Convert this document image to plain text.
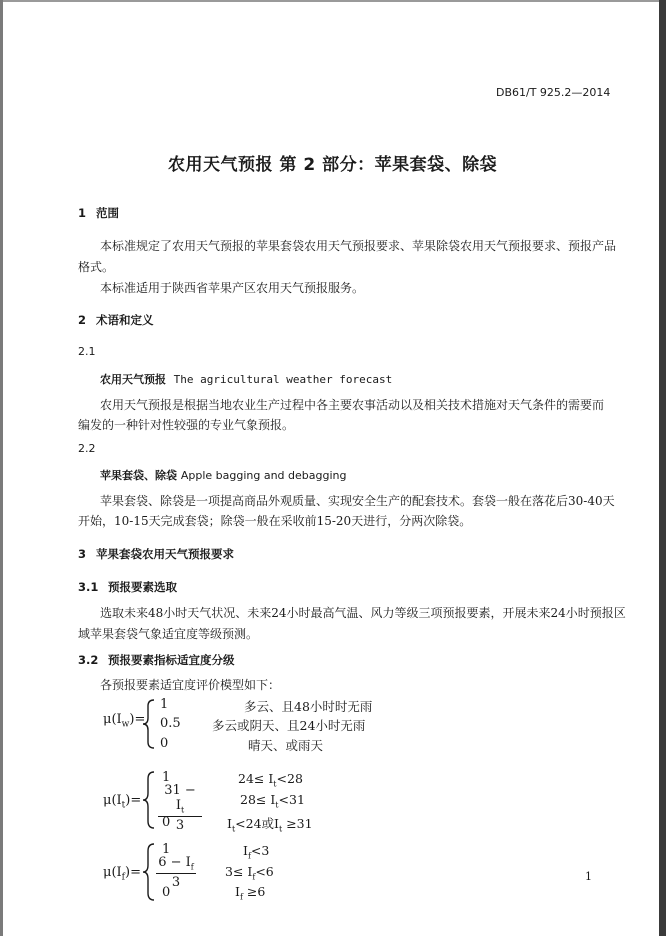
DB61/T 925.2—2014
农用天气预报 第 2 部分：苹果套袋、除袋
1 范围
本标准规定了农用天气预报的苹果套袋农用天气预报要求、苹果除袋农用天气预报要求、预报产品
格式。
本标准适用于陕西省苹果产区农用天气预报服务。
2 术语和定义
2.1
农用天气预报 The agricultural weather forecast
农用天气预报是根据当地农业生产过程中各主要农事活动以及相关技术措施对天气条件的需要而
编发的一种针对性较强的专业气象预报。
2.2
苹果套袋、除袋 Apple bagging and debagging
苹果套袋、除袋是一项提高商品外观质量、实现安全生产的配套技术。套袋一般在落花后30-40天
开始，10-15天完成套袋；除袋一般在采收前15-20天进行，分两次除袋。
3 苹果套袋农用天气预报要求
3.1 预报要素选取
选取未来48小时天气状况、未来24小时最高气温、风力等级三项预报要素，开展未来24小时预报区
域苹果套袋气象适宜度等级预测。
3.2 预报要素指标适宜度分级
各预报要素适宜度评价模型如下：
$\mu(I_w)=$
1
0.5
0
多云、且48小时时无雨
多云或阴天、且24小时无雨
晴天、或雨天
$\mu(I_t)=$
1
$31 - I_t$
3
0
$24\le I_t<28$
$28\le I_t<31$
$I_t<24$或$I_t \ge 31$
$\mu(I_f)=$
1
$6 - I_f$
3
0
$I_f<3$
$3\le I_f<6$
$I_f \ge 6$
1
